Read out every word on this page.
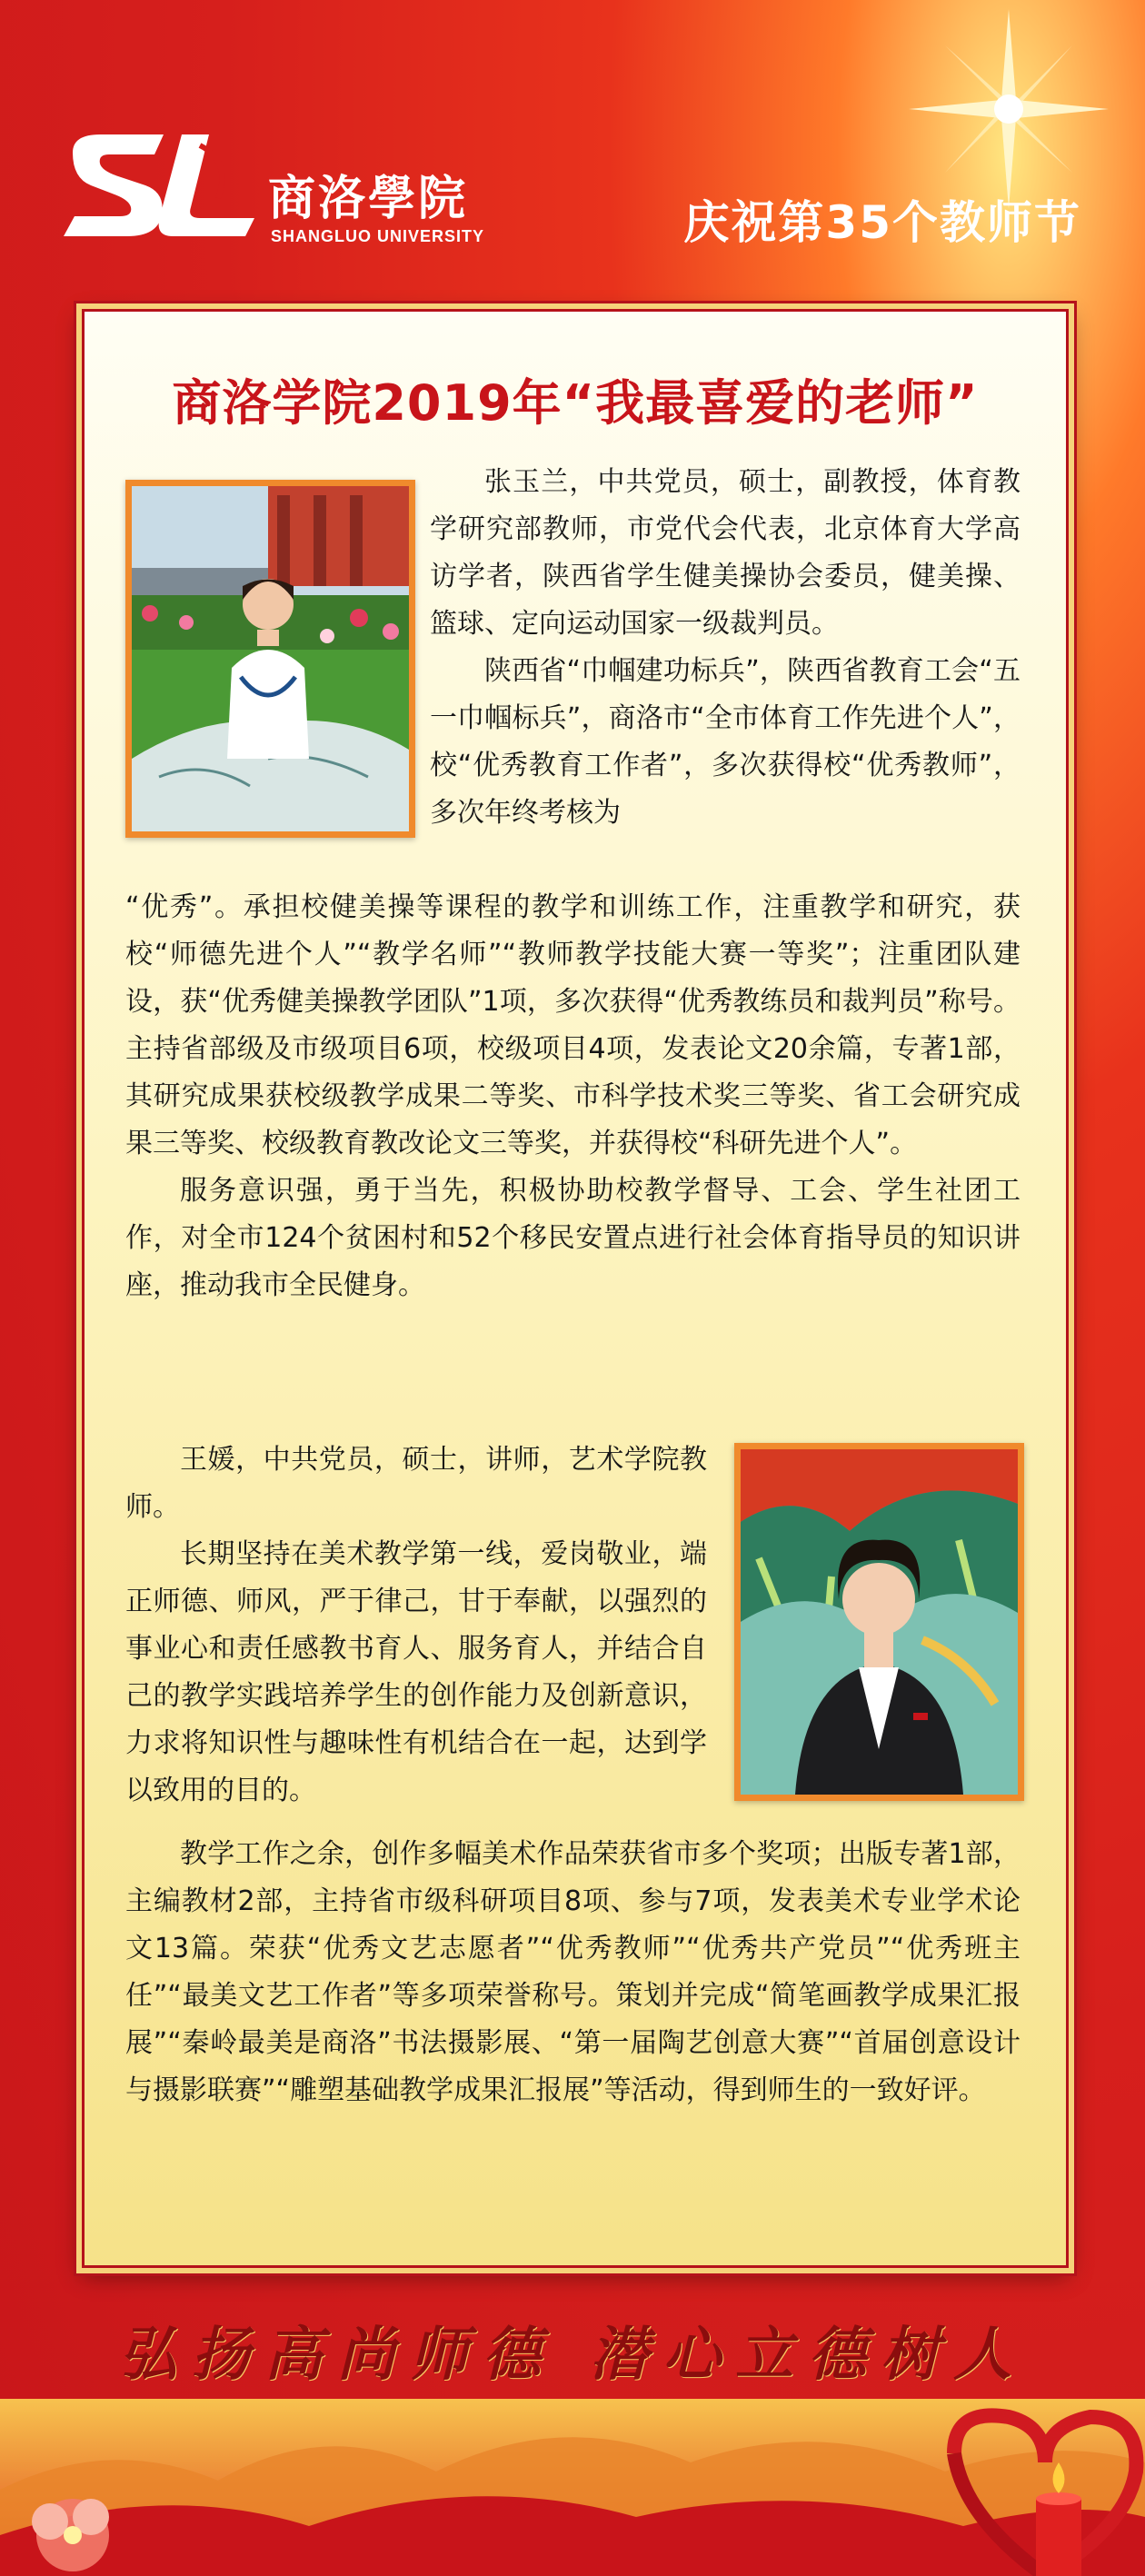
商洛學院
SHANGLUO UNIVERSITY	庆祝第35个教师节
商洛学院2019年“我最喜爱的老师”

张玉兰，中共党员，硕士，副教授，体育教学研究部教师，市党代会代表，北京体育大学高访学者，陕西省学生健美操协会委员，健美操、篮球、定向运动国家一级裁判员。

陕西省“巾帼建功标兵”，陕西省教育工会“五一巾帼标兵”，商洛市“全市体育工作先进个人”，校“优秀教育工作者”，多次获得校“优秀教师”，多次年终考核为

“优秀”。承担校健美操等课程的教学和训练工作，注重教学和研究，获校“师德先进个人”“教学名师”“教师教学技能大赛一等奖”；注重团队建设，获“优秀健美操教学团队”1项，多次获得“优秀教练员和裁判员”称号。主持省部级及市级项目6项，校级项目4项，发表论文20余篇，专著1部，其研究成果获校级教学成果二等奖、市科学技术奖三等奖、省工会研究成果三等奖、校级教育教改论文三等奖，并获得校“科研先进个人”。

服务意识强，勇于当先，积极协助校教学督导、工会、学生社团工作，对全市124个贫困村和52个移民安置点进行社会体育指导员的知识讲座，推动我市全民健身。

王媛，中共党员，硕士，讲师，艺术学院教师。

长期坚持在美术教学第一线，爱岗敬业，端正师德、师风，严于律己，甘于奉献，以强烈的事业心和责任感教书育人、服务育人，并结合自己的教学实践培养学生的创作能力及创新意识，力求将知识性与趣味性有机结合在一起，达到学以致用的目的。

教学工作之余，创作多幅美术作品荣获省市多个奖项；出版专著1部，主编教材2部，主持省市级科研项目8项、参与7项，发表美术专业学术论文13篇。荣获“优秀文艺志愿者”“优秀教师”“优秀共产党员”“优秀班主任”“最美文艺工作者”等多项荣誉称号。策划并完成“简笔画教学成果汇报展”“秦岭最美是商洛”书法摄影展、“第一届陶艺创意大赛”“首届创意设计与摄影联赛”“雕塑基础教学成果汇报展”等活动，得到师生的一致好评。

弘扬高尚师德 潜心立德树人
